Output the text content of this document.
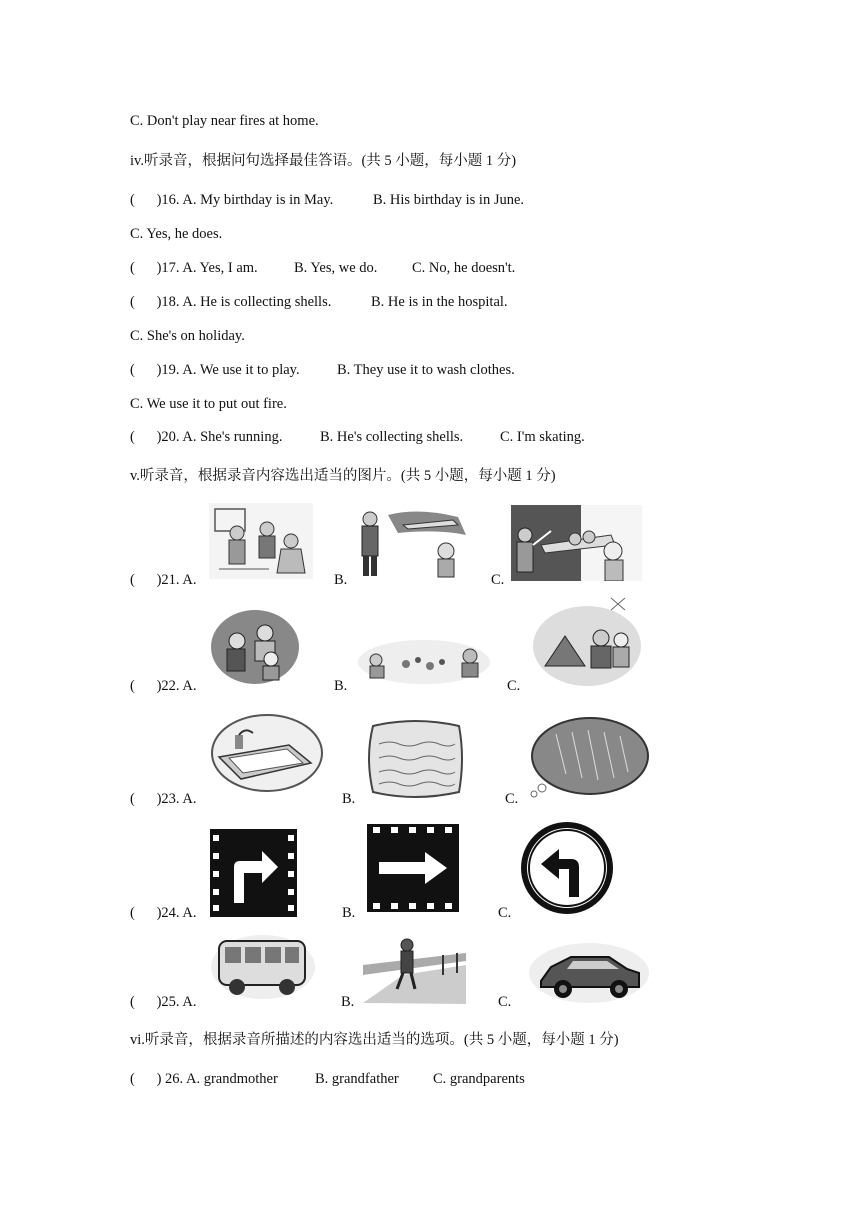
C. Don't play near fires at home.
iv.听录音，根据问句选择最佳答语。(共 5 小题，每小题 1 分)
(      )16. A. My birthday is in May.	B. His birthday is in June.
C. Yes, he does.
(      )17. A. Yes, I am.	B. Yes, we do. C. No, he doesn't.
(      )18. A. He is collecting shells.	B. He is in the hospital.
C. She's on holiday.
(      )19. A. We use it to play.	B. They use it to wash clothes.
C. We use it to put out fire.
(      )20. A. She's running.	B. He's collecting shells.	C. I'm skating.
v.听录音，根据录音内容选出适当的图片。(共 5 小题，每小题 1 分)
(      )21. A.	B.	C.
(      )22. A.	B.	C.
(      )23. A.	B.	C.
(      )24. A.	B.	C.
(      )25. A.	B.	C.
vi.听录音，根据录音所描述的内容选出适当的选项。(共 5 小题，每小题 1 分)
(      ) 26. A. grandmother	B. grandfather C. grandparents
